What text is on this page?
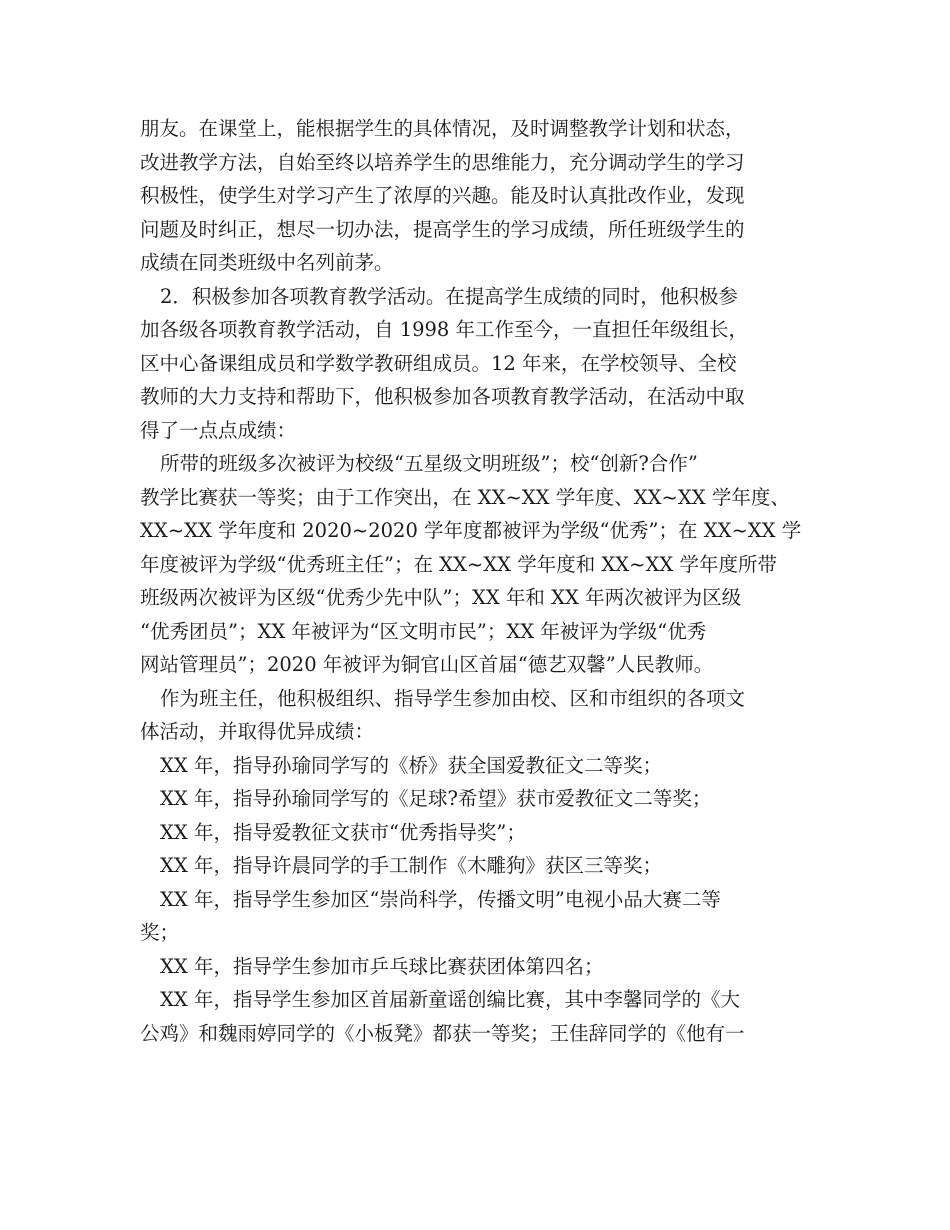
朋友。在课堂上，能根据学生的具体情况，及时调整教学计划和状态，
改进教学方法，自始至终以培养学生的思维能力，充分调动学生的学习
积极性，使学生对学习产生了浓厚的兴趣。能及时认真批改作业，发现
问题及时纠正，想尽一切办法，提高学生的学习成绩，所任班级学生的
成绩在同类班级中名列前茅。
2．积极参加各项教育教学活动。在提高学生成绩的同时，他积极参
加各级各项教育教学活动，自 1998 年工作至今，一直担任年级组长，
区中心备课组成员和学数学教研组成员。12 年来，在学校领导、全校
教师的大力支持和帮助下，他积极参加各项教育教学活动，在活动中取
得了一点点成绩：
所带的班级多次被评为校级“五星级文明班级”；校“创新?合作”
教学比赛获一等奖；由于工作突出，在 XX~XX 学年度、XX~XX 学年度、
XX~XX 学年度和 2020~2020 学年度都被评为学级“优秀”；在 XX~XX 学
年度被评为学级“优秀班主任”；在 XX~XX 学年度和 XX~XX 学年度所带
班级两次被评为区级“优秀少先中队”；XX 年和 XX 年两次被评为区级
“优秀团员”；XX 年被评为“区文明市民”；XX 年被评为学级“优秀
网站管理员”；2020 年被评为铜官山区首届“德艺双馨”人民教师。
作为班主任，他积极组织、指导学生参加由校、区和市组织的各项文
体活动，并取得优异成绩：
XX 年，指导孙瑜同学写的《桥》获全国爱教征文二等奖；
XX 年，指导孙瑜同学写的《足球?希望》获市爱教征文二等奖；
XX 年，指导爱教征文获市“优秀指导奖”；
XX 年，指导许晨同学的手工制作《木雕狗》获区三等奖；
XX 年，指导学生参加区“崇尚科学，传播文明”电视小品大赛二等
奖；
XX 年，指导学生参加市乒乓球比赛获团体第四名；
XX 年，指导学生参加区首届新童谣创编比赛，其中李馨同学的《大
公鸡》和魏雨婷同学的《小板凳》都获一等奖；王佳辞同学的《他有一
